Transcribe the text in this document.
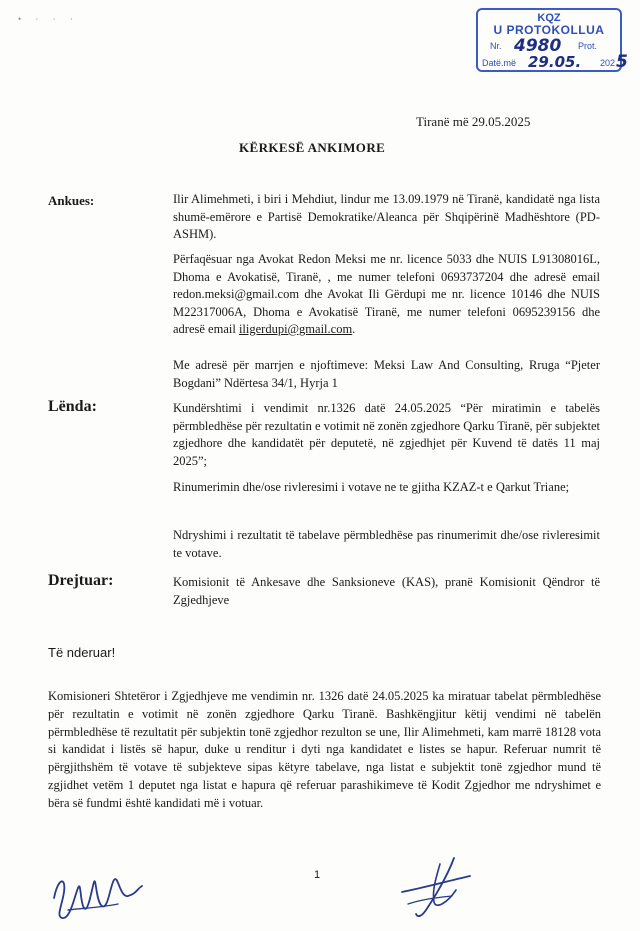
• · · ·	KQZ
U PROTOKOLLUA
Nr. 4980 Prot.
Datë.më 29.05. 202 5
Tiranë më 29.05.2025
KËRKESË ANKIMORE
Ankues:	Ilir Alimehmeti, i biri i Mehdiut, lindur me 13.09.1979 në Tiranë, kandidatë nga lista shumë-emërore e Partisë Demokratike/Aleanca për Shqipërinë Madhështore (PD-ASHM).
Përfaqësuar nga Avokat Redon Meksi me nr. licence 5033 dhe NUIS L91308016L, Dhoma e Avokatisë, Tiranë, , me numer telefoni 0693737204 dhe adresë email redon.meksi@gmail.com dhe Avokat Ili Gërdupi me nr. licence 10146 dhe NUIS M22317006A, Dhoma e Avokatisë Tiranë, me numer telefoni 0695239156 dhe adresë email iligerdupi@gmail.com.
Me adresë për marrjen e njoftimeve: Meksi Law And Consulting, Rruga “Pjeter Bogdani” Ndërtesa 34/1, Hyrja 1
Lënda:	Kundërshtimi i vendimit nr.1326 datë 24.05.2025 “Për miratimin e tabelës përmbledhëse për rezultatin e votimit në zonën zgjedhore Qarku Tiranë, për subjektet zgjedhore dhe kandidatët për deputetë, në zgjedhjet për Kuvend të datës 11 maj 2025”;
Rinumerimin dhe/ose rivleresimi i votave ne te gjitha KZAZ-t e Qarkut Triane;
Ndryshimi i rezultatit të tabelave përmbledhëse pas rinumerimit dhe/ose rivleresimit te votave.
Drejtuar:	Komisionit të Ankesave dhe Sanksioneve (KAS), pranë Komisionit Qëndror të Zgjedhjeve
Të nderuar!
Komisioneri Shtetëror i Zgjedhjeve me vendimin nr. 1326 datë 24.05.2025 ka miratuar tabelat përmbledhëse për rezultatin e votimit në zonën zgjedhore Qarku Tiranë. Bashkëngjitur këtij vendimi në tabelën përmbledhëse të rezultatit për subjektin tonë zgjedhor rezulton se une, Ilir Alimehmeti, kam marrë 18128 vota si kandidat i listës së hapur, duke u renditur i dyti nga kandidatet e listes se hapur. Referuar numrit të përgjithshëm të votave të subjekteve sipas këtyre tabelave, nga listat e subjektit tonë zgjedhor mund të zgjidhet vetëm 1 deputet nga listat e hapura që referuar parashikimeve të Kodit Zgjedhor me ndryshimet e bëra së fundmi është kandidati më i votuar.
1
